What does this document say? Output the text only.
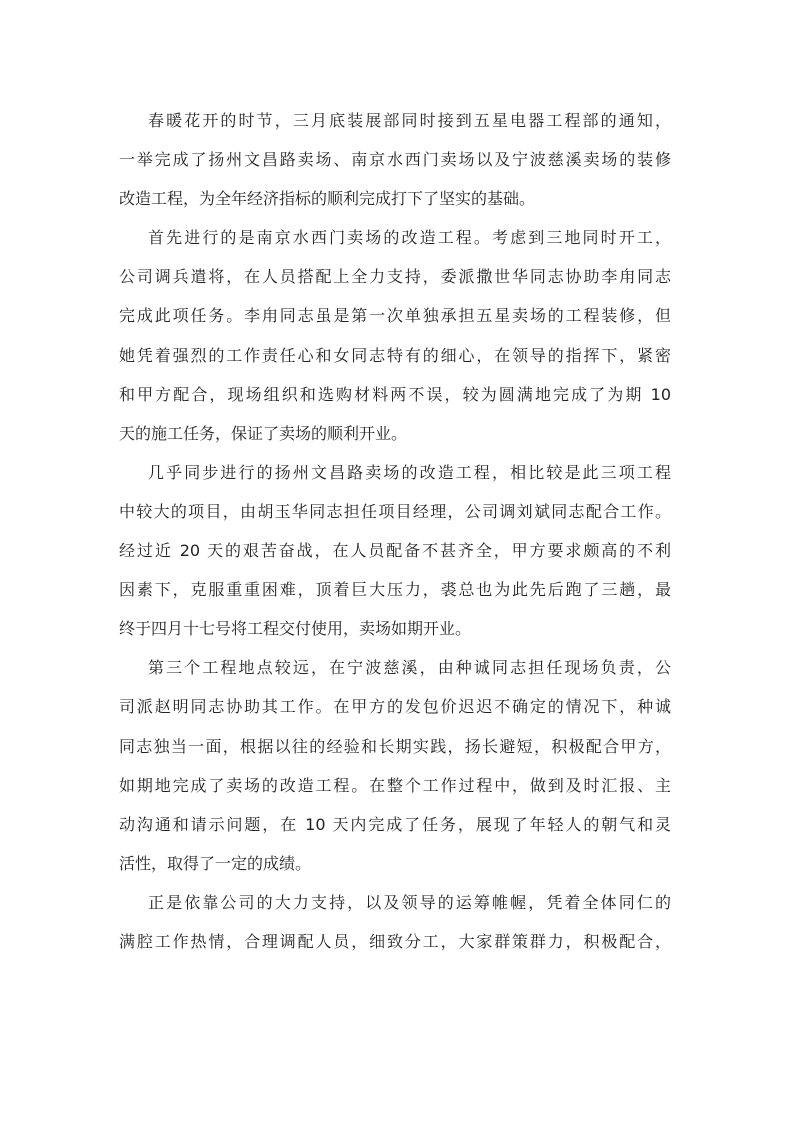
春暖花开的时节，三月底装展部同时接到五星电器工程部的通知，
一举完成了扬州文昌路卖场、南京水西门卖场以及宁波慈溪卖场的装修
改造工程，为全年经济指标的顺利完成打下了坚实的基础。
首先进行的是南京水西门卖场的改造工程。考虑到三地同时开工，
公司调兵遣将，在人员搭配上全力支持，委派撒世华同志协助李甪同志
完成此项任务。李甪同志虽是第一次单独承担五星卖场的工程装修，但
她凭着强烈的工作责任心和女同志特有的细心，在领导的指挥下，紧密
和甲方配合，现场组织和选购材料两不误，较为圆满地完成了为期 10
天的施工任务，保证了卖场的顺利开业。
几乎同步进行的扬州文昌路卖场的改造工程，相比较是此三项工程
中较大的项目，由胡玉华同志担任项目经理，公司调刘斌同志配合工作。
经过近 20 天的艰苦奋战，在人员配备不甚齐全，甲方要求颇高的不利
因素下，克服重重困难，顶着巨大压力，裘总也为此先后跑了三趟，最
终于四月十七号将工程交付使用，卖场如期开业。
第三个工程地点较远，在宁波慈溪，由种诚同志担任现场负责，公
司派赵明同志协助其工作。在甲方的发包价迟迟不确定的情况下，种诚
同志独当一面，根据以往的经验和长期实践，扬长避短，积极配合甲方，
如期地完成了卖场的改造工程。在整个工作过程中，做到及时汇报、主
动沟通和请示问题，在 10 天内完成了任务，展现了年轻人的朝气和灵
活性，取得了一定的成绩。
正是依靠公司的大力支持，以及领导的运筹帷幄，凭着全体同仁的
满腔工作热情，合理调配人员，细致分工，大家群策群力，积极配合，
